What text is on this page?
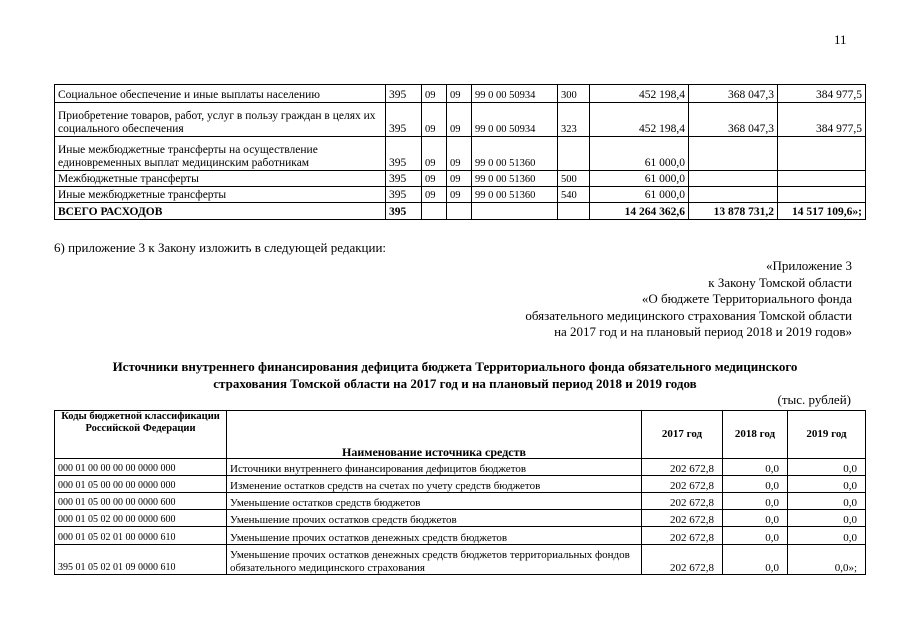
11
Социальное обеспечение и иные выплаты населению	395	09	09	99 0 00 50934	300	452 198,4	368 047,3	384 977,5
Приобретение товаров, работ, услуг в пользу граждан в целях их социального обеспечения	395	09	09	99 0 00 50934	323	452 198,4	368 047,3	384 977,5
Иные межбюджетные трансферты на осуществление единовременных выплат медицинским работникам	395	09	09	99 0 00 51360		61 000,0		
Межбюджетные трансферты	395	09	09	99 0 00 51360	500	61 000,0		
Иные межбюджетные трансферты	395	09	09	99 0 00 51360	540	61 000,0		
ВСЕГО РАСХОДОВ	395					14 264 362,6	13 878 731,2	14 517 109,6»;
6) приложение 3 к Закону изложить в следующей редакции:
«Приложение 3
к Закону Томской области
«О бюджете Территориального фонда
обязательного медицинского страхования Томской области
на 2017 год и на плановый период 2018 и 2019 годов»
Источники внутреннего финансирования дефицита бюджета Территориального фонда обязательного медицинского
страхования Томской области на 2017 год и на плановый период 2018 и 2019 годов
(тыс. рублей)
Коды бюджетной классификации Российской Федерации	Наименование источника средств	2017 год	2018 год	2019 год
000 01 00 00 00 00 0000 000	Источники внутреннего финансирования дефицитов бюджетов	202 672,8	0,0	0,0
000 01 05 00 00 00 0000 000	Изменение остатков средств на счетах по учету средств бюджетов	202 672,8	0,0	0,0
000 01 05 00 00 00 0000 600	Уменьшение остатков средств бюджетов	202 672,8	0,0	0,0
000 01 05 02 00 00 0000 600	Уменьшение прочих остатков средств бюджетов	202 672,8	0,0	0,0
000 01 05 02 01 00 0000 610	Уменьшение прочих остатков денежных средств бюджетов	202 672,8	0,0	0,0
395 01 05 02 01 09 0000 610	Уменьшение прочих остатков денежных средств бюджетов территориальных фондов обязательного медицинского страхования	202 672,8	0,0	0,0»;
